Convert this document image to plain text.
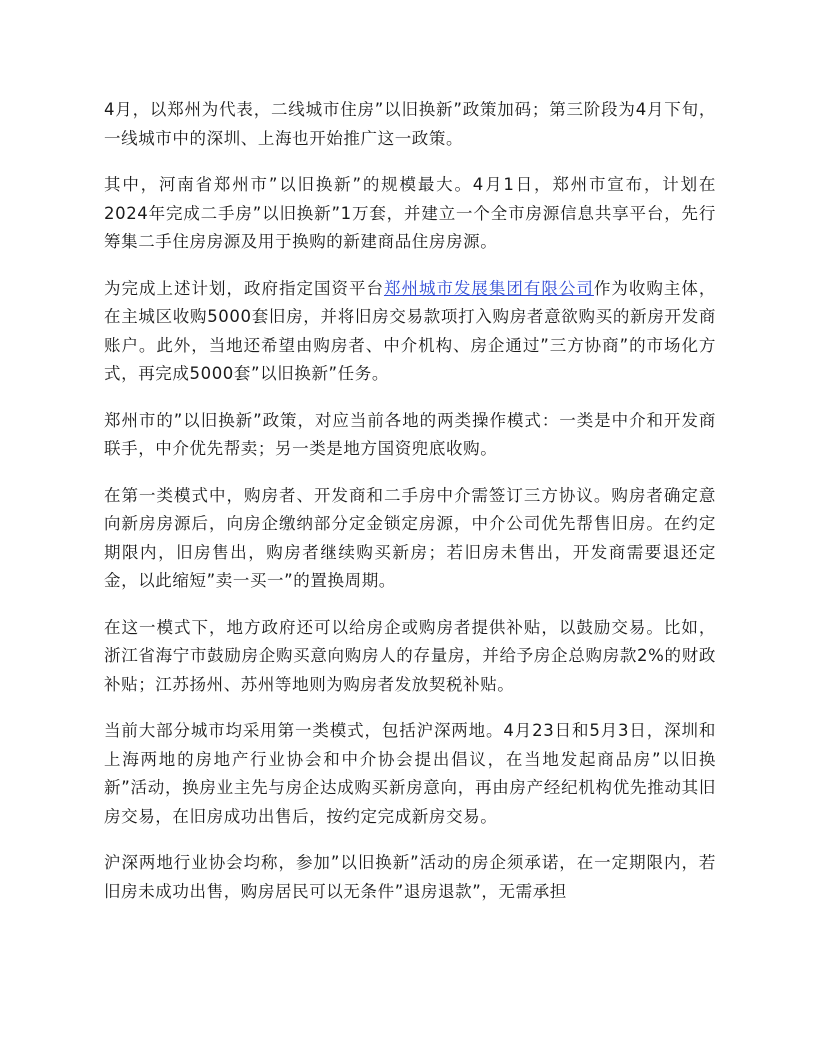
4月，以郑州为代表，二线城市住房”以旧换新”政策加码；第三阶段为4月下旬，一线城市中的深圳、上海也开始推广这一政策。

其中，河南省郑州市”以旧换新”的规模最大。4月1日，郑州市宣布，计划在2024年完成二手房”以旧换新”1万套，并建立一个全市房源信息共享平台，先行筹集二手住房房源及用于换购的新建商品住房房源。

为完成上述计划，政府指定国资平台郑州城市发展集团有限公司作为收购主体，在主城区收购5000套旧房，并将旧房交易款项打入购房者意欲购买的新房开发商账户。此外，当地还希望由购房者、中介机构、房企通过”三方协商”的市场化方式，再完成5000套”以旧换新”任务。

郑州市的”以旧换新”政策，对应当前各地的两类操作模式：一类是中介和开发商联手，中介优先帮卖；另一类是地方国资兜底收购。

在第一类模式中，购房者、开发商和二手房中介需签订三方协议。购房者确定意向新房房源后，向房企缴纳部分定金锁定房源，中介公司优先帮售旧房。在约定期限内，旧房售出，购房者继续购买新房；若旧房未售出，开发商需要退还定金，以此缩短”卖一买一”的置换周期。

在这一模式下，地方政府还可以给房企或购房者提供补贴，以鼓励交易。比如，浙江省海宁市鼓励房企购买意向购房人的存量房，并给予房企总购房款2%的财政补贴；江苏扬州、苏州等地则为购房者发放契税补贴。

当前大部分城市均采用第一类模式，包括沪深两地。4月23日和5月3日，深圳和上海两地的房地产行业协会和中介协会提出倡议，在当地发起商品房”以旧换新”活动，换房业主先与房企达成购买新房意向，再由房产经纪机构优先推动其旧房交易，在旧房成功出售后，按约定完成新房交易。

沪深两地行业协会均称，参加”以旧换新”活动的房企须承诺，在一定期限内，若旧房未成功出售，购房居民可以无条件”退房退款”，无需承担
